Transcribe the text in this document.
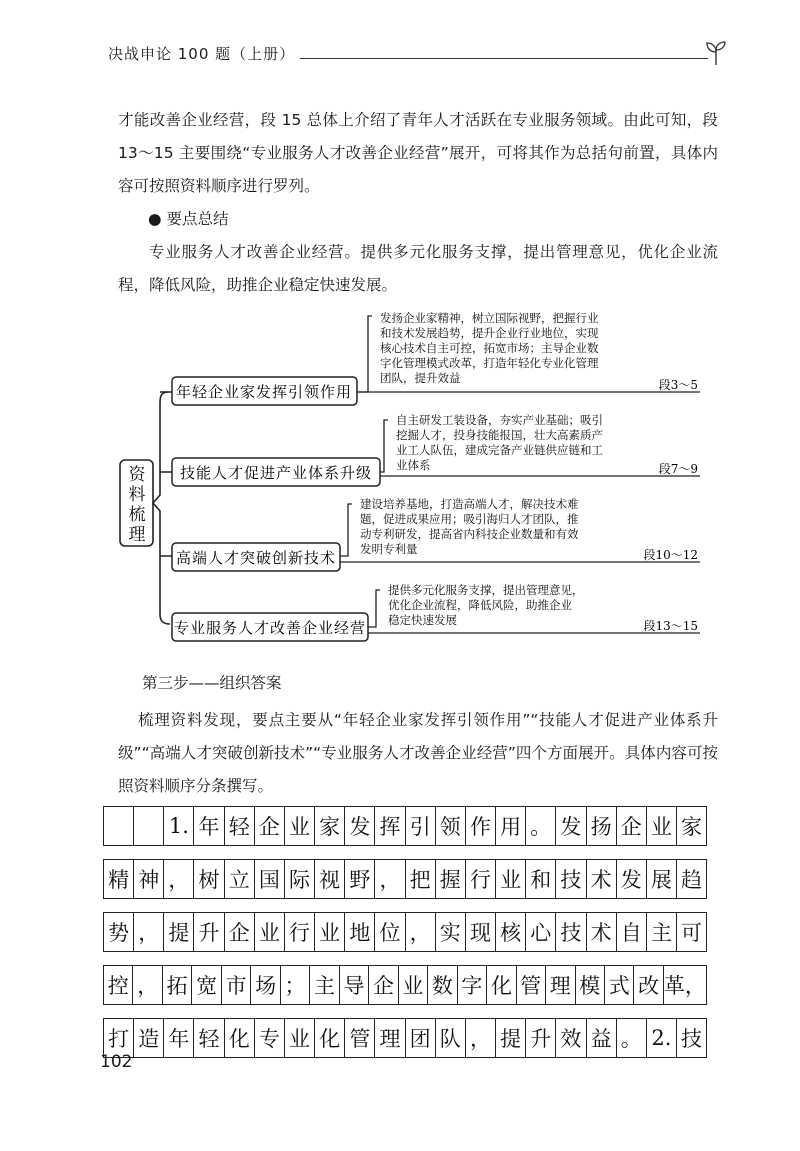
决战申论 100 题（上册）

才能改善企业经营，段 15 总体上介绍了青年人才活跃在专业服务领域。由此可知，段 13～15 主要围绕“专业服务人才改善企业经营”展开，可将其作为总括句前置，具体内容可按照资料顺序进行罗列。

● 要点总结

专业服务人才改善企业经营。提供多元化服务支撑，提出管理意见，优化企业流程，降低风险，助推企业稳定快速发展。

资
料
梳
理
年轻企业家发挥引领作用	段3～5
发扬企业家精神，树立国际视野，把握行业
和技术发展趋势，提升企业行业地位，实现
核心技术自主可控，拓宽市场；主导企业数
字化管理模式改革，打造年轻化专业化管理
团队，提升效益
技能人才促进产业体系升级	段7～9
自主研发工装设备，夯实产业基础；吸引
挖掘人才，投身技能报国，壮大高素质产
业工人队伍，建成完备产业链供应链和工
业体系
高端人才突破创新技术	段10～12
建设培养基地，打造高端人才，解决技术难
题，促进成果应用；吸引海归人才团队，推
动专利研发，提高省内科技企业数量和有效
发明专利量
专业服务人才改善企业经营	段13～15
提供多元化服务支撑，提出管理意见，
优化企业流程，降低风险，助推企业
稳定快速发展
第三步——组织答案

梳理资料发现，要点主要从“年轻企业家发挥引领作用”“技能人才促进产业体系升级”“高端人才突破创新技术”“专业服务人才改善企业经营”四个方面展开。具体内容可按照资料顺序分条撰写。

1. 年 轻 企 业 家 发 挥 引 领 作 用 。 发 扬 企 业 家
精 神 ， 树 立 国 际 视 野 ， 把 握 行 业 和 技 术 发 展 趋
势 ， 提 升 企 业 行 业 地 位 ， 实 现 核 心 技 术 自 主 可
控 ， 拓 宽 市 场 ； 主 导 企 业 数 字 化 管 理 模 式 改 革，
打 造 年 轻 化 专 业 化 管 理 团 队 ， 提 升 效 益 。 2. 技
102
